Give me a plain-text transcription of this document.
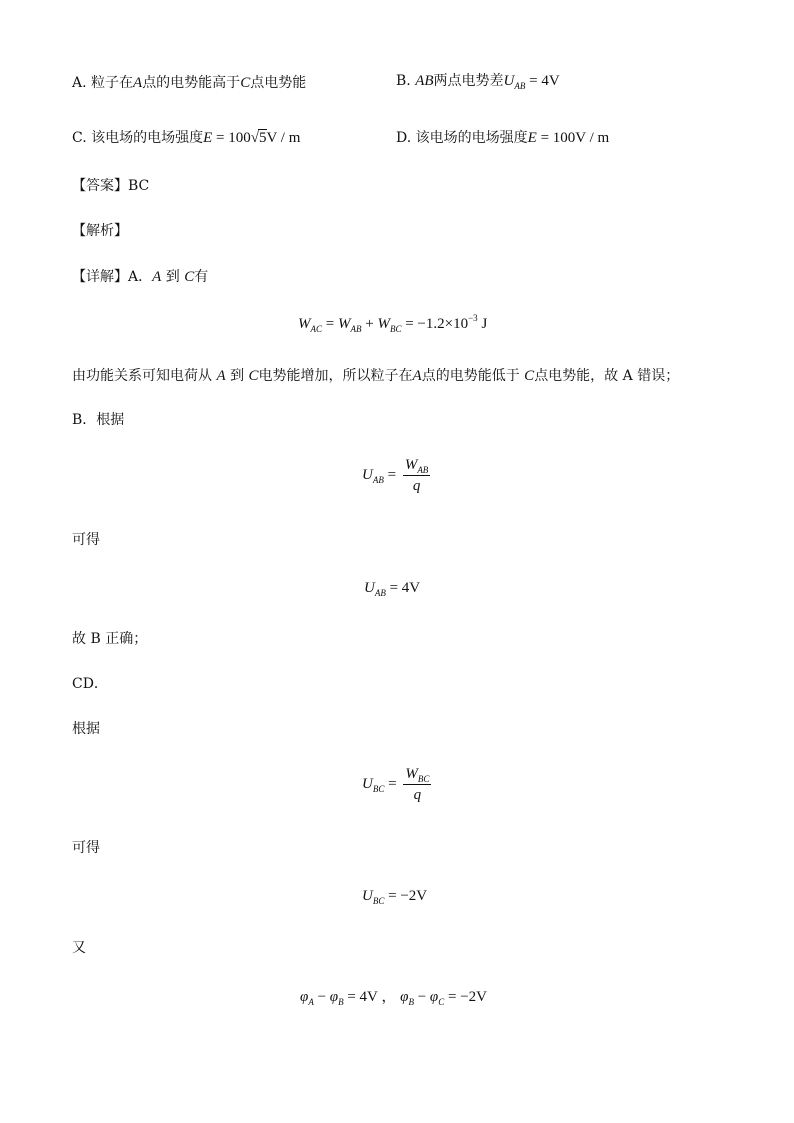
A. 粒子在A点的电势能高于C点电势能	B. AB两点电势差$U_{AB} = 4V$
C. 该电场的电场强度E = 100√5V / m	D. 该电场的电场强度E = 100V / m
【答案】BC
【解析】
【详解】A．A 到 C有
$W_{AC} = W_{AB} + W_{BC} = -1.2\times 10^{-3}$ J
由功能关系可知电荷从 A 到 C电势能增加，所以粒子在A点的电势能低于 C点电势能，故 A 错误；
B．根据
$U_{AB} = \frac{W_{AB}}{q}$
可得
$U_{AB} = 4V$
故 B 正确；
CD．
根据
$U_{BC} = \frac{W_{BC}}{q}$
可得
$U_{BC} = -2V$
又
$\varphi_A - \varphi_B = 4V$ ， $\varphi_B - \varphi_C = -2V$
